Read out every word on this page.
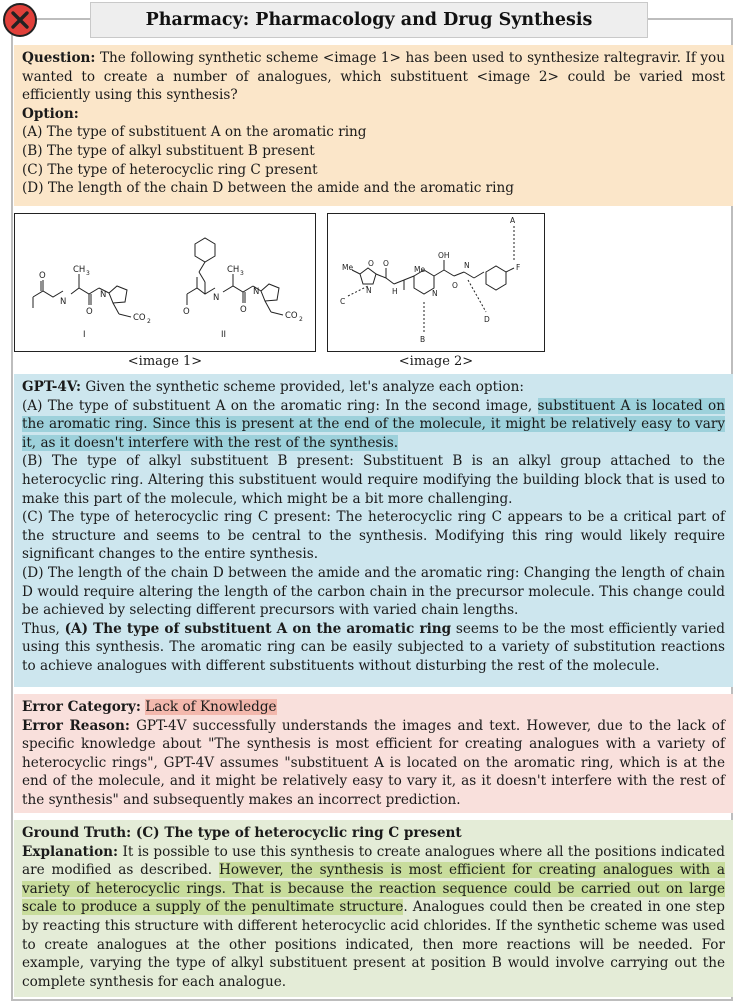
Pharmacy: Pharmacology and Drug Synthesis

Question: The following synthetic scheme <image 1> has been used to synthesize raltegravir. If you wanted to create a number of analogues, which substituent <image 2> could be varied most efficiently using this synthesis?

Option:

(A) The type of substituent A on the aromatic ring

(B) The type of alkyl substituent B present

(C) The type of heterocyclic ring C present

(D) The length of the chain D between the amide and the aromatic ring

O
CH 3
N
O
N
CO 2
I
O
CH 3
N
O
N
CO 2
II
A
F
OH
Me	Me
O
N
O
H	N
O
N
C
B
D
<image 1>	<image 2>

GPT-4V: Given the synthetic scheme provided, let's analyze each option:

(A) The type of substituent A on the aromatic ring: In the second image, substituent A is located on the aromatic ring. Since this is present at the end of the molecule, it might be relatively easy to vary it, as it doesn't interfere with the rest of the synthesis.

(B) The type of alkyl substituent B present: Substituent B is an alkyl group attached to the heterocyclic ring. Altering this substituent would require modifying the building block that is used to make this part of the molecule, which might be a bit more challenging.

(C) The type of heterocyclic ring C present: The heterocyclic ring C appears to be a critical part of the structure and seems to be central to the synthesis. Modifying this ring would likely require significant changes to the entire synthesis.

(D) The length of the chain D between the amide and the aromatic ring: Changing the length of chain D would require altering the length of the carbon chain in the precursor molecule. This change could be achieved by selecting different precursors with varied chain lengths.

Thus, (A) The type of substituent A on the aromatic ring seems to be the most efficiently varied using this synthesis. The aromatic ring can be easily subjected to a variety of substitution reactions to achieve analogues with different substituents without disturbing the rest of the molecule.

Error Category: Lack of Knowledge

Error Reason: GPT-4V successfully understands the images and text. However, due to the lack of specific knowledge about "The synthesis is most efficient for creating analogues with a variety of heterocyclic rings", GPT-4V assumes "substituent A is located on the aromatic ring, which is at the end of the molecule, and it might be relatively easy to vary it, as it doesn't interfere with the rest of the synthesis" and subsequently makes an incorrect prediction.

Ground Truth: (C) The type of heterocyclic ring C present

Explanation: It is possible to use this synthesis to create analogues where all the positions indicated are modified as described. However, the synthesis is most efficient for creating analogues with a variety of heterocyclic rings. That is because the reaction sequence could be carried out on large scale to produce a supply of the penultimate structure. Analogues could then be created in one step by reacting this structure with different heterocyclic acid chlorides. If the synthetic scheme was used to create analogues at the other positions indicated, then more reactions will be needed. For example, varying the type of alkyl substituent present at position B would involve carrying out the complete synthesis for each analogue.
